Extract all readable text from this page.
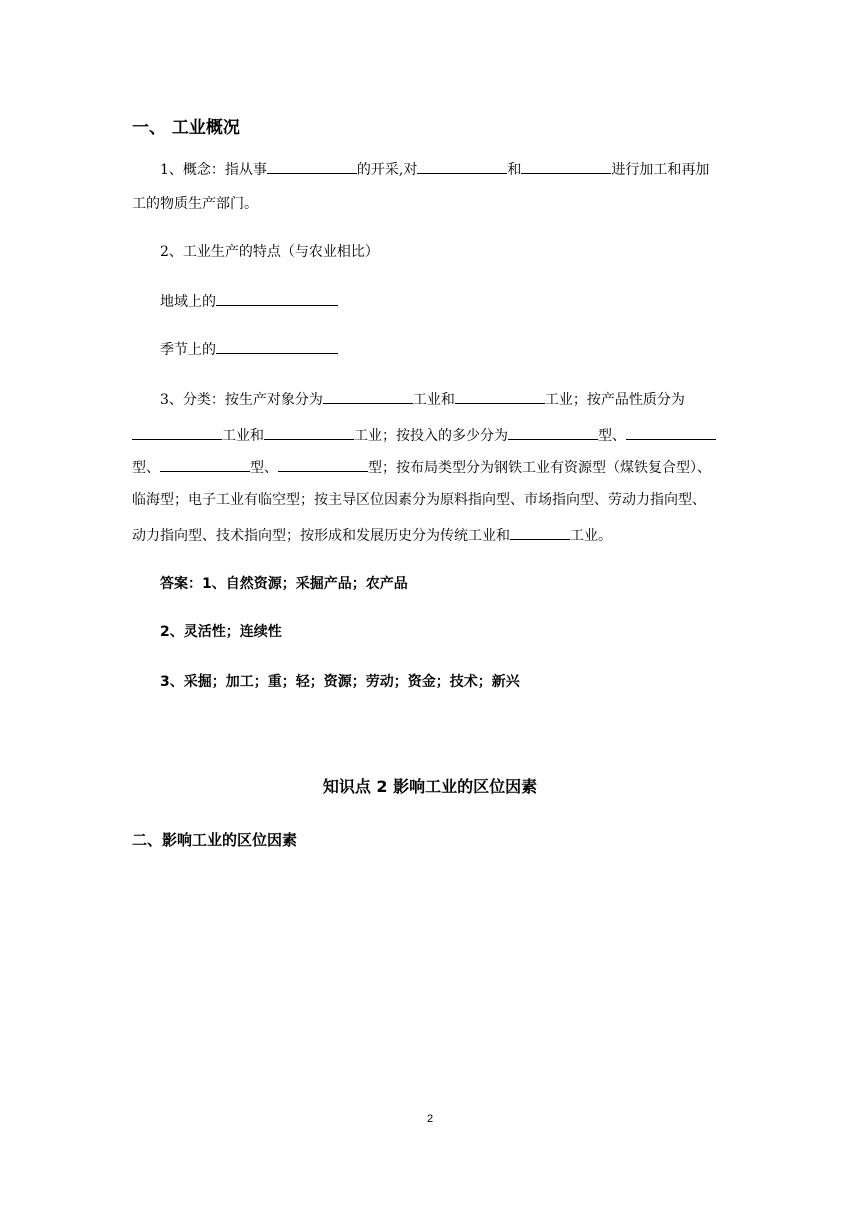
一、 工业概况
1、概念：指从事	的开采,对	和	进行加工和再加
工的物质生产部门。
2、工业生产的特点（与农业相比）
地域上的
季节上的
3、分类：按生产对象分为	工业和	工业；按产品性质分为
工业和	工业；按投入的多少分为	型、
型、	型、	型；按布局类型分为钢铁工业有资源型（煤铁复合型）、
临海型；电子工业有临空型；按主导区位因素分为原料指向型、市场指向型、劳动力指向型、
动力指向型、技术指向型；按形成和发展历史分为传统工业和	工业。
答案：1、自然资源；采掘产品；农产品
2、灵活性；连续性
3、采掘；加工；重；轻；资源；劳动；资金；技术；新兴
知识点 2 影响工业的区位因素
二、影响工业的区位因素
2
